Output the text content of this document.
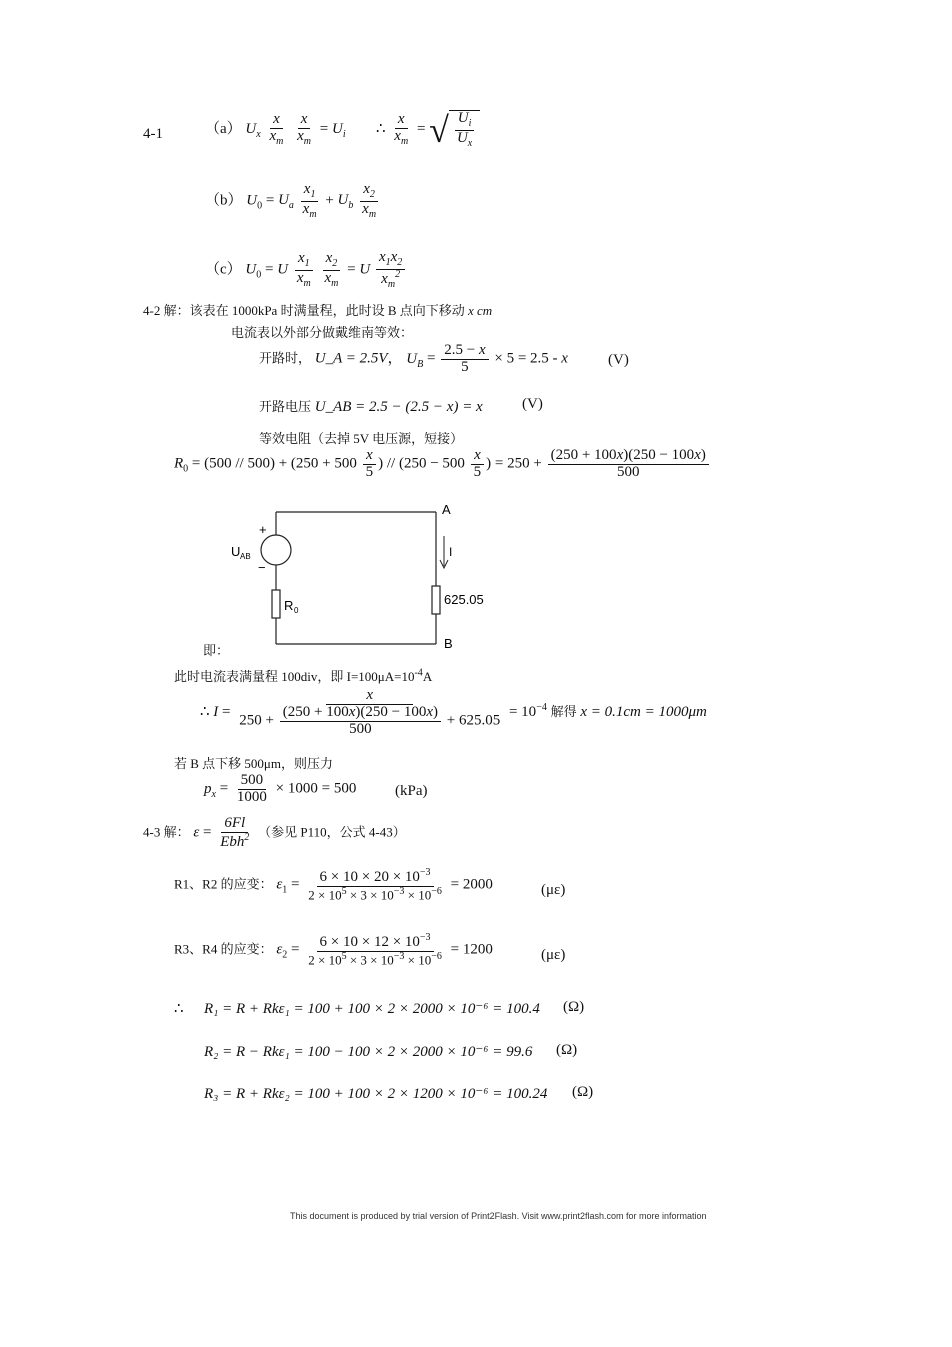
4-1	（a） $U_x \frac{x}{x_m}$
$\frac{x}{x_m} = U_i$ ∴ $\frac{x}{x_m}$ = √ $\frac{U_i}{U_x}$
（b） $U_0 = U_a \frac{x_1}{x_m} + U_b \frac{x_2}{x_m}$
（c） $U_0 = U \frac{x_1}{x_m}$
$\frac{x_2}{x_m} = U \frac{x_1x_2}{x_m^2}$
4-2 解：该表在 1000kPa 时满量程，此时设 B 点向下移动 x cm
电流表以外部分做戴维南等效：
开路时， U_A = 2.5V， $U_B = \frac{2.5 - x}{5} \times 5 = 2.5 - x$	(V)
开路电压 U_AB = 2.5 − (2.5 − x) = x	(V)
等效电阻（去掉 5V 电压源，短接）
$R_0 = (500 // 500) + (250 + 500 \frac{x}{5}$ ) // ($250 - 500 \frac{x}{5}$ ) = $250 + \frac{(250 + 100x)(250 - 100x)}{500}$
A
B
+
−
U AB
R 0
625.05
I
即：
此时电流表满量程 100div，即 $I=100\mu A=10^{-4}A$
∴ $I = \frac{x}{250 + \frac{(250 + 100x)(250 - 100x)}{500} + 625.05} = 10^{-4}$ 解得 x = 0.1cm = 1000μm
若 B 点下移 500μm，则压力
$p_x = \frac{500}{1000} \times 1000 = 500$	(kPa)
4-3 解： $\varepsilon = \frac{6Fl}{Ebh^2}$ （参见 P110，公式 4-43）
R1、R2 的应变： $\varepsilon_1 = \frac{6 \times 10 \times 20 \times 10^{-3}}{2 \times 10^5 \times 3 \times 10^{-3} \times 10^{-6}} = 2000$	(με)
R3、R4 的应变： $\varepsilon_2 = \frac{6 \times 10 \times 12 \times 10^{-3}}{2 \times 10^5 \times 3 \times 10^{-3} \times 10^{-6}} = 1200$	(με)
∴ R₁ = R + Rkε₁ = 100 + 100 × 2 × 2000 × 10⁻⁶ = 100.4 (Ω)
R₂ = R − Rkε₁ = 100 − 100 × 2 × 2000 × 10⁻⁶ = 99.6 (Ω)
R₃ = R + Rkε₂ = 100 + 100 × 2 × 1200 × 10⁻⁶ = 100.24 (Ω)
This document is produced by trial version of Print2Flash. Visit www.print2flash.com for more information
